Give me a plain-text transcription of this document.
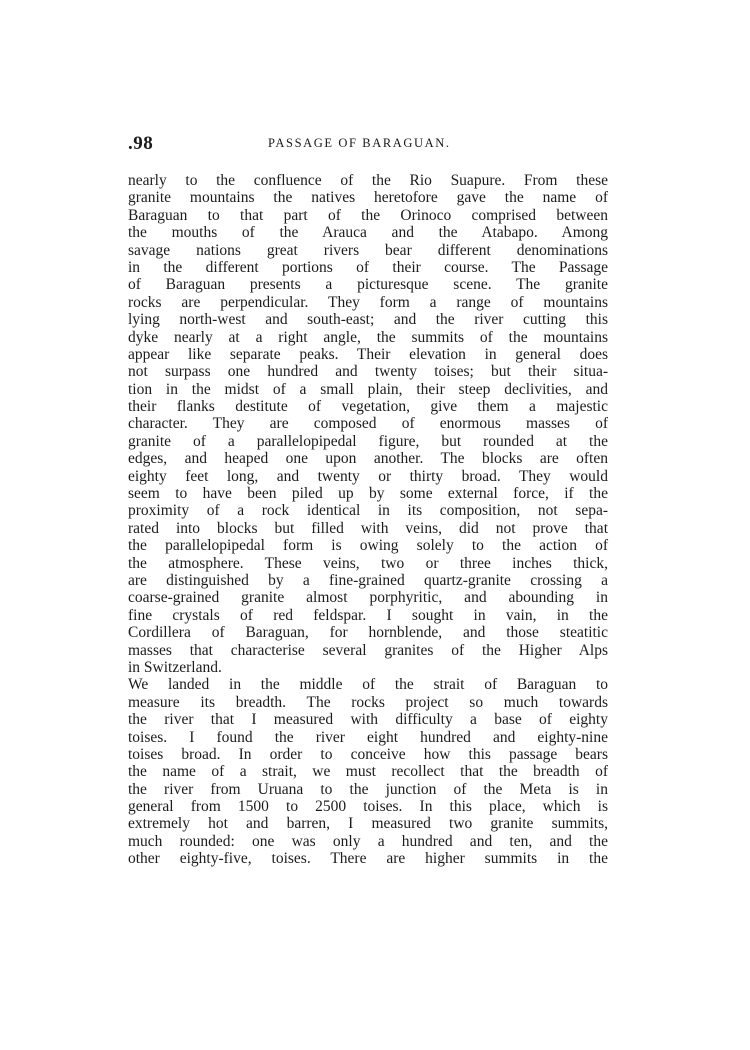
.98	PASSAGE OF BARAGUAN.

nearly to the confluence of the Rio Suapure. From these
granite mountains the natives heretofore gave the name of
Baraguan to that part of the Orinoco comprised between
the mouths of the Arauca and the Atabapo. Among
savage nations great rivers bear different denominations
in the different portions of their course. The Passage
of Baraguan presents a picturesque scene. The granite
rocks are perpendicular. They form a range of mountains
lying north-west and south-east; and the river cutting this
dyke nearly at a right angle, the summits of the mountains
appear like separate peaks. Their elevation in general does
not surpass one hundred and twenty toises; but their situa-
tion in the midst of a small plain, their steep declivities, and
their flanks destitute of vegetation, give them a majestic
character. They are composed of enormous masses of
granite of a parallelopipedal figure, but rounded at the
edges, and heaped one upon another. The blocks are often
eighty feet long, and twenty or thirty broad. They would
seem to have been piled up by some external force, if the
proximity of a rock identical in its composition, not sepa-
rated into blocks but filled with veins, did not prove that
the parallelopipedal form is owing solely to the action of
the atmosphere. These veins, two or three inches thick,
are distinguished by a fine-grained quartz-granite crossing a
coarse-grained granite almost porphyritic, and abounding in
fine crystals of red feldspar. I sought in vain, in the
Cordillera of Baraguan, for hornblende, and those steatitic
masses that characterise several granites of the Higher Alps
in Switzerland.

We landed in the middle of the strait of Baraguan to
measure its breadth. The rocks project so much towards
the river that I measured with difficulty a base of eighty
toises. I found the river eight hundred and eighty-nine
toises broad. In order to conceive how this passage bears
the name of a strait, we must recollect that the breadth of
the river from Uruana to the junction of the Meta is in
general from 1500 to 2500 toises. In this place, which is
extremely hot and barren, I measured two granite summits,
much rounded: one was only a hundred and ten, and the
other eighty-five, toises. There are higher summits in the
